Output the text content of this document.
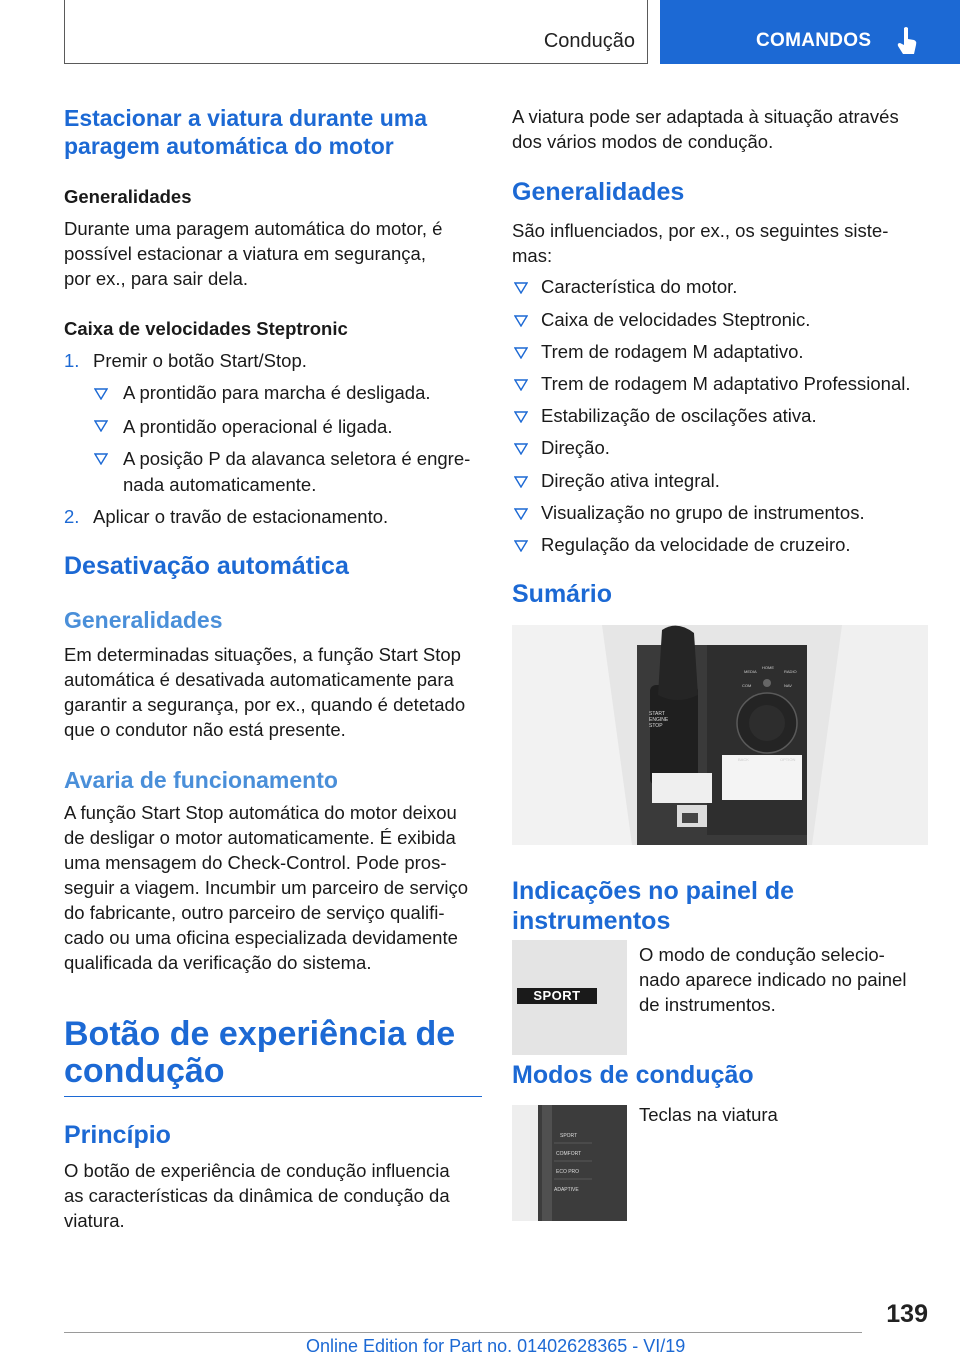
Condução	COMANDOS
Estacionar a viatura durante uma
paragem automática do motor
Generalidades
Durante uma paragem automática do motor, é
possível estacionar a viatura em segurança,
por ex., para sair dela.
Caixa de velocidades Steptronic
1. Premir o botão Start/Stop.
A prontidão para marcha é desligada.
A prontidão operacional é ligada.
A posição P da alavanca seletora é engre-
nada automaticamente.
2. Aplicar o travão de estacionamento.
Desativação automática
Generalidades
Em determinadas situações, a função Start Stop
automática é desativada automaticamente para
garantir a segurança, por ex., quando é detetado
que o condutor não está presente.
Avaria de funcionamento
A função Start Stop automática do motor deixou
de desligar o motor automaticamente. É exibida
uma mensagem do Check-Control. Pode pros-
seguir a viagem. Incumbir um parceiro de serviço
do fabricante, outro parceiro de serviço qualifi-
cado ou uma oficina especializada devidamente
qualificada da verificação do sistema.
Botão de experiência de
condução
Princípio
O botão de experiência de condução influencia
as características da dinâmica de condução da
viatura.
A viatura pode ser adaptada à situação através
dos vários modos de condução.
Generalidades
São influenciados, por ex., os seguintes siste-
mas:
Característica do motor.
Caixa de velocidades Steptronic.
Trem de rodagem M adaptativo.
Trem de rodagem M adaptativo Professional.
Estabilização de oscilações ativa.
Direção.
Direção ativa integral.
Visualização no grupo de instrumentos.
Regulação da velocidade de cruzeiro.
Sumário
START
ENGINE
STOP
MEDIA
HOME
RADIO
COM	NAV
BACK	OPTION
Indicações no painel de
instrumentos
SPORT
O modo de condução selecio-
nado aparece indicado no painel
de instrumentos.
Modos de condução
SPORT
COMFORT
ECO PRO
ADAPTIVE
Teclas na viatura
139
Online Edition for Part no. 01402628365 - VI/19
